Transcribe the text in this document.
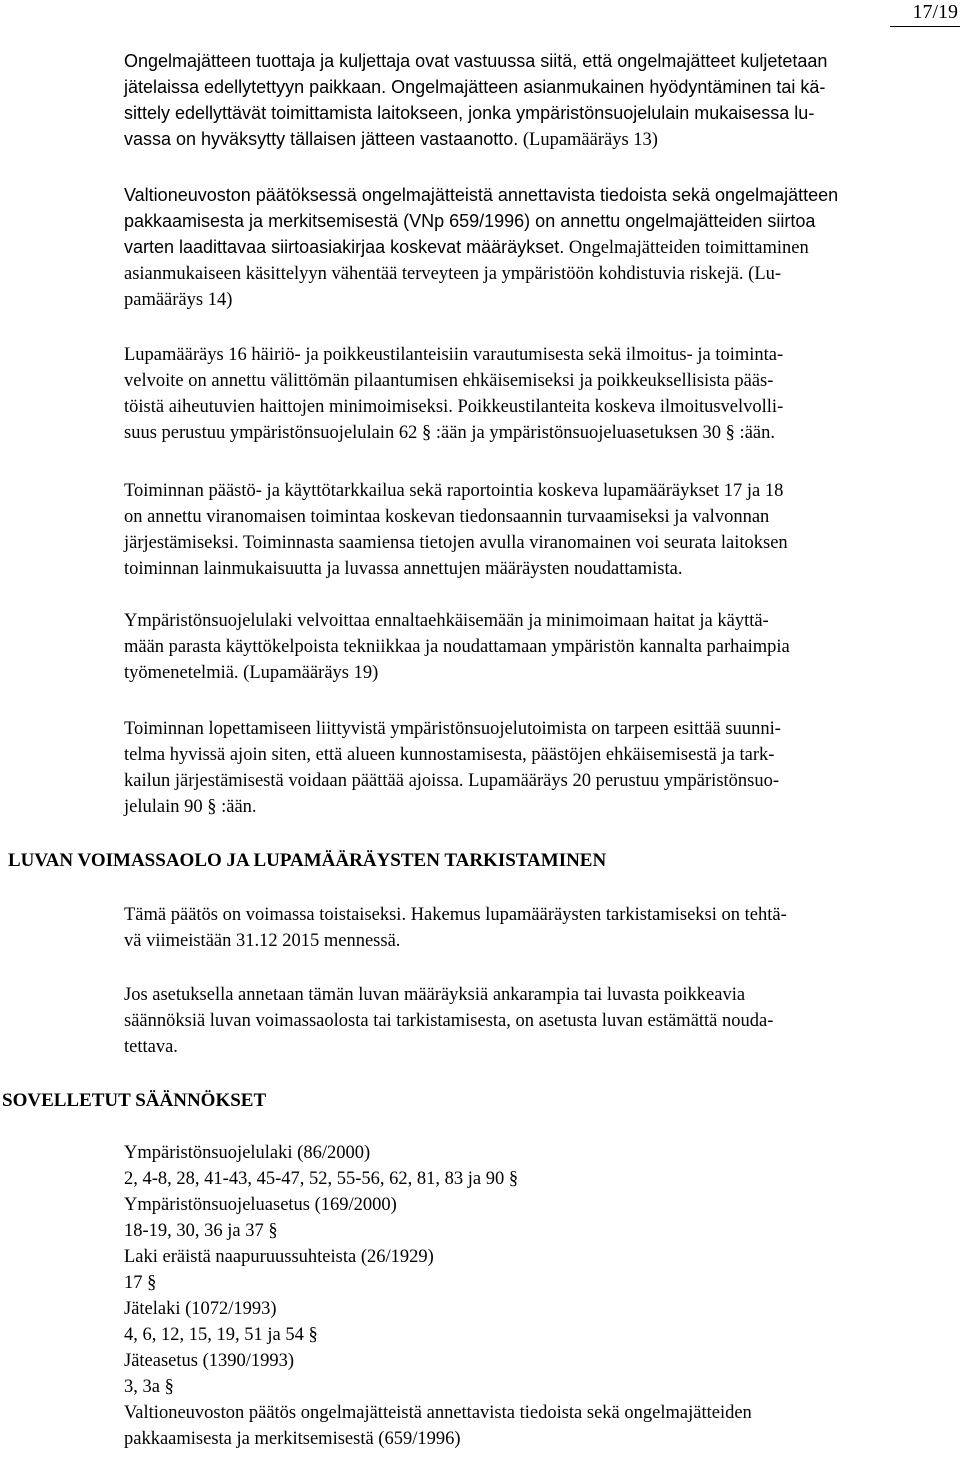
17/19
Ongelmajätteen tuottaja ja kuljettaja ovat vastuussa siitä, että ongelmajätteet kuljetetaan
jätelaissa edellytettyyn paikkaan. Ongelmajätteen asianmukainen hyödyntäminen tai kä-
sittely edellyttävät toimittamista laitokseen, jonka ympäristönsuojelulain mukaisessa lu-
vassa on hyväksytty tällaisen jätteen vastaanotto. (Lupamääräys 13)
Valtioneuvoston päätöksessä ongelmajätteistä annettavista tiedoista sekä ongelmajätteen
pakkaamisesta ja merkitsemisestä (VNp 659/1996) on annettu ongelmajätteiden siirtoa
varten laadittavaa siirtoasiakirjaa koskevat määräykset. Ongelmajätteiden toimittaminen
asianmukaiseen käsittelyyn vähentää terveyteen ja ympäristöön kohdistuvia riskejä. (Lu-
pamääräys 14)
Lupamääräys 16 häiriö- ja poikkeustilanteisiin varautumisesta sekä ilmoitus- ja toiminta-
velvoite on annettu välittömän pilaantumisen ehkäisemiseksi ja poikkeuksellisista pääs-
töistä aiheutuvien haittojen minimoimiseksi. Poikkeustilanteita koskeva ilmoitusvelvolli-
suus perustuu ympäristönsuojelulain 62 § :ään ja ympäristönsuojeluasetuksen 30 § :ään.
Toiminnan päästö- ja käyttötarkkailua sekä raportointia koskeva lupamääräykset 17 ja 18
on annettu viranomaisen toimintaa koskevan tiedonsaannin turvaamiseksi ja valvonnan
järjestämiseksi. Toiminnasta saamiensa tietojen avulla viranomainen voi seurata laitoksen
toiminnan lainmukaisuutta ja luvassa annettujen määräysten noudattamista.
Ympäristönsuojelulaki velvoittaa ennaltaehkäisemään ja minimoimaan haitat ja käyttä-
mään parasta käyttökelpoista tekniikkaa ja noudattamaan ympäristön kannalta parhaimpia
työmenetelmiä. (Lupamääräys 19)
Toiminnan lopettamiseen liittyvistä ympäristönsuojelutoimista on tarpeen esittää suunni-
telma hyvissä ajoin siten, että alueen kunnostamisesta, päästöjen ehkäisemisestä ja tark-
kailun järjestämisestä voidaan päättää ajoissa. Lupamääräys 20 perustuu ympäristönsuo-
jelulain 90 § :ään.
LUVAN VOIMASSAOLO JA LUPAMÄÄRÄYSTEN TARKISTAMINEN
Tämä päätös on voimassa toistaiseksi. Hakemus lupamääräysten tarkistamiseksi on tehtä-
vä viimeistään 31.12 2015 mennessä.
Jos asetuksella annetaan tämän luvan määräyksiä ankarampia tai luvasta poikkeavia
säännöksiä luvan voimassaolosta tai tarkistamisesta, on asetusta luvan estämättä nouda-
tettava.
SOVELLETUT SÄÄNNÖKSET
Ympäristönsuojelulaki (86/2000)
2, 4-8, 28, 41-43, 45-47, 52, 55-56, 62, 81, 83 ja 90 §
Ympäristönsuojeluasetus (169/2000)
18-19, 30, 36 ja 37 §
Laki eräistä naapuruussuhteista (26/1929)
17 §
Jätelaki (1072/1993)
4, 6, 12, 15, 19, 51 ja 54 §
Jäteasetus (1390/1993)
3, 3a §
Valtioneuvoston päätös ongelmajätteistä annettavista tiedoista sekä ongelmajätteiden
pakkaamisesta ja merkitsemisestä (659/1996)
